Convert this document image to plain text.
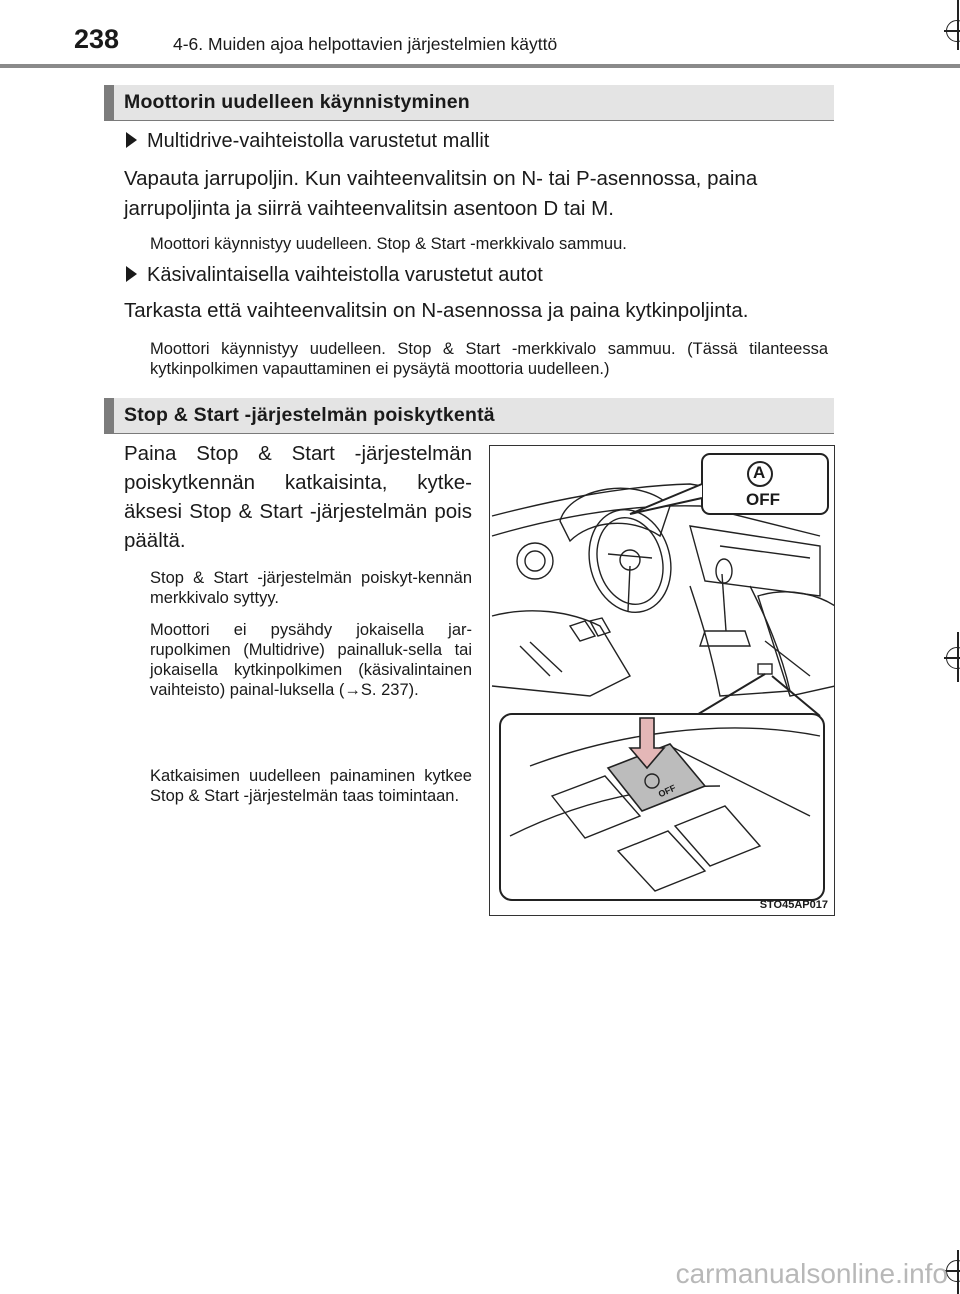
238	4-6. Muiden ajoa helpottavien järjestelmien käyttö
Moottorin uudelleen käynnistyminen
Multidrive-vaihteistolla varustetut mallit
Vapauta jarrupoljin. Kun vaihteenvalitsin on N- tai P-asennossa, paina
jarrupoljinta ja siirrä vaihteenvalitsin asentoon D tai M.
Moottori käynnistyy uudelleen. Stop & Start -merkkivalo sammuu.
Käsivalintaisella vaihteistolla varustetut autot
Tarkasta että vaihteenvalitsin on N-asennossa ja paina kytkinpoljinta.
Moottori käynnistyy uudelleen. Stop & Start -merkkivalo sammuu. (Tässä tilanteessa kytkinpolkimen vapauttaminen ei pysäytä moottoria uudelleen.)
Stop & Start -järjestelmän poiskytkentä
Paina Stop & Start -järjestelmän poiskytkennän katkaisinta, kytke-äksesi Stop & Start -järjestelmän pois päältä.
Stop & Start -järjestelmän poiskyt-kennän merkkivalo syttyy.
Moottori ei pysähdy jokaisella jar-rupolkimen (Multidrive) painalluk-sella tai jokaisella kytkinpolkimen (käsivalintainen vaihteisto) painal-luksella (→S. 237).
Katkaisimen uudelleen painaminen kytkee Stop & Start -järjestelmän taas toimintaan.
A
OFF
OFF
STO45AP017
carmanualsonline.info
